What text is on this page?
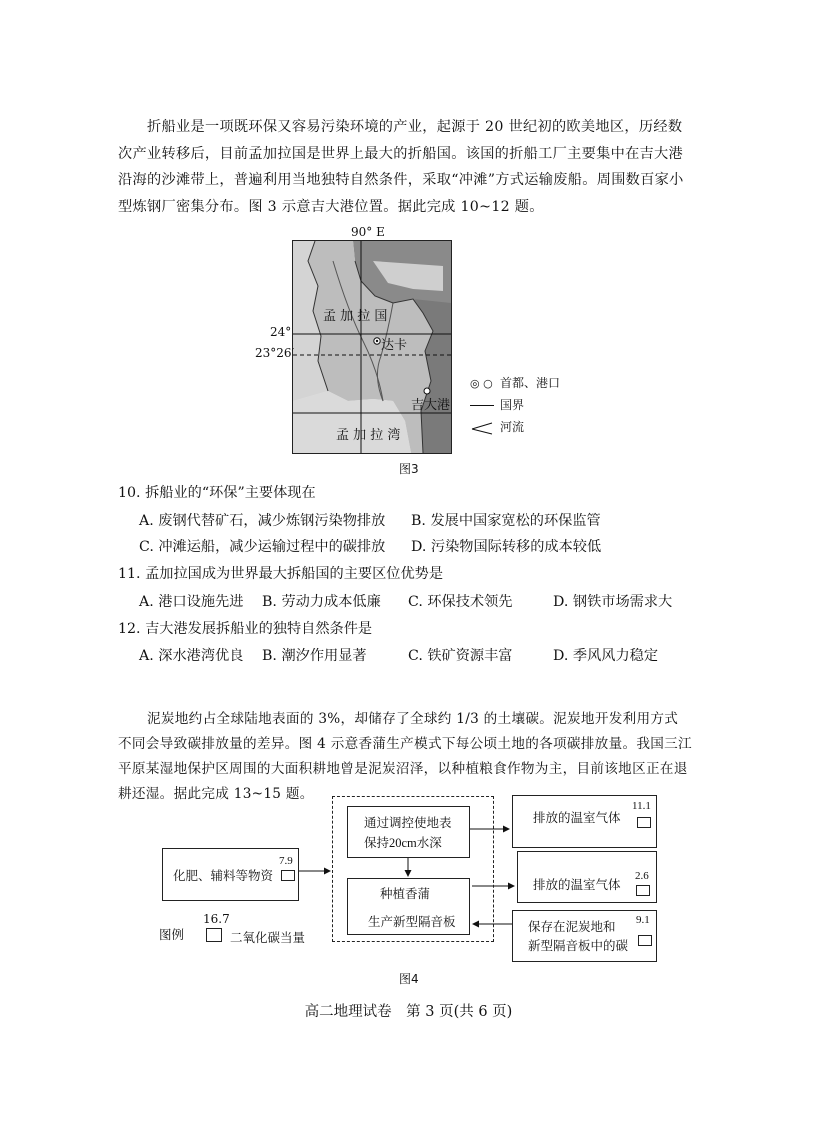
折船业是一项既环保又容易污染环境的产业，起源于 20 世纪初的欧美地区，历经数次产业转移后，目前孟加拉国是世界上最大的折船国。该国的折船工厂主要集中在吉大港沿海的沙滩带上，普遍利用当地独特自然条件，采取“冲滩”方式运输废船。周围数百家小型炼钢厂密集分布。图 3 示意吉大港位置。据此完成 10~12 题。
90° E
24°
23°26′
孟 加 拉 国
达卡
吉大港
孟 加 拉 湾
◎ ○ 首都、港口
国界
河流
图3
10. 拆船业的“环保”主要体现在
A. 废钢代替矿石，减少炼钢污染物排放 B. 发展中国家宽松的环保监管
C. 冲滩运船，减少运输过程中的碳排放 D. 污染物国际转移的成本较低
11. 孟加拉国成为世界最大拆船国的主要区位优势是
A. 港口设施先进 B. 劳动力成本低廉 C. 环保技术领先	D. 钢铁市场需求大
12. 吉大港发展拆船业的独特自然条件是
A. 深水港湾优良 B. 潮汐作用显著	C. 铁矿资源丰富	D. 季风风力稳定
泥炭地约占全球陆地表面的 3%，却储存了全球约 1/3 的土壤碳。泥炭地开发利用方式不同会导致碳排放量的差异。图 4 示意香蒲生产模式下每公顷土地的各项碳排放量。我国三江平原某湿地保护区周围的大面积耕地曾是泥炭沼泽，以种植粮食作物为主，目前该地区正在退耕还湿。据此完成 13~15 题。
化肥、辅料等物资
7.9
通过调控使地表
保持20cm水深
种植香蒲
生产新型隔音板
排放的温室气体
11.1
排放的温室气体
2.6
保存在泥炭地和
新型隔音板中的碳
9.1
图例
16.7
二氧化碳当量
图4
高二地理试卷　第 3 页(共 6 页)
